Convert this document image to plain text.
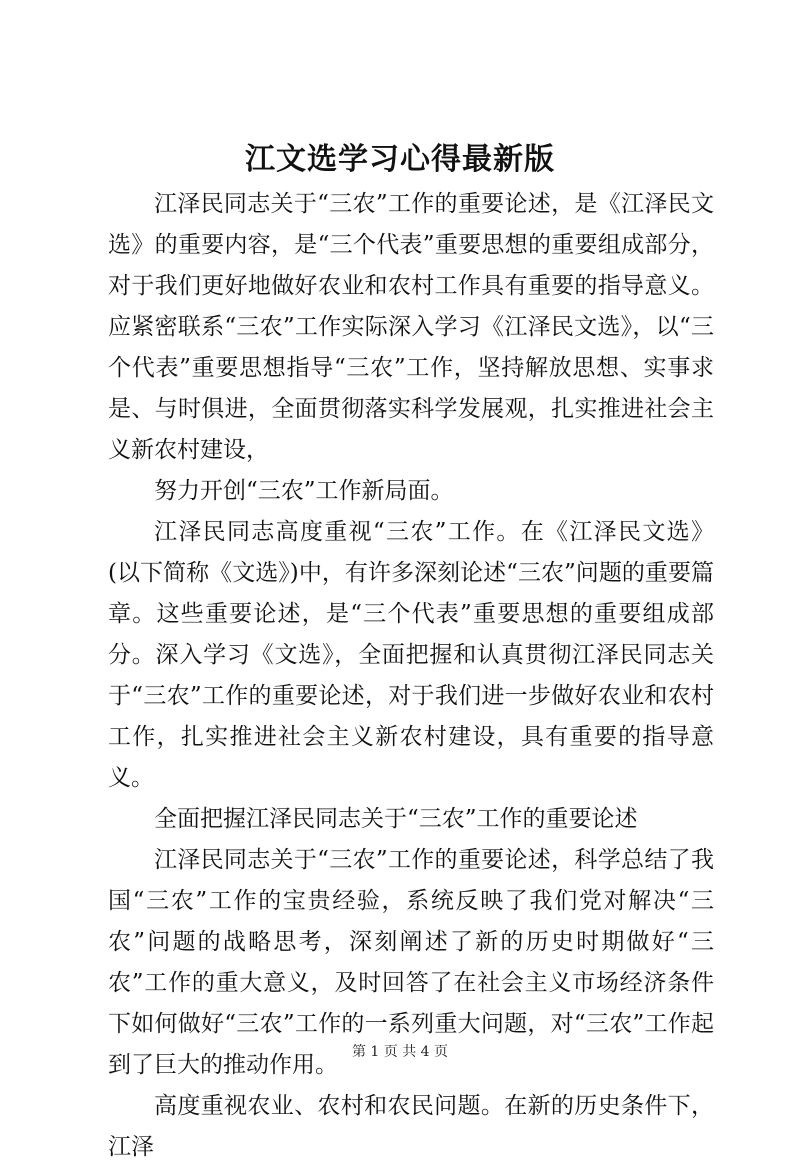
江文选学习心得最新版

江泽民同志关于“三农”工作的重要论述，是《江泽民文选》的重要内容，是“三个代表”重要思想的重要组成部分，对于我们更好地做好农业和农村工作具有重要的指导意义。应紧密联系“三农”工作实际深入学习《江泽民文选》，以“三个代表”重要思想指导“三农”工作，坚持解放思想、实事求是、与时俱进，全面贯彻落实科学发展观，扎实推进社会主义新农村建设，

努力开创“三农”工作新局面。

江泽民同志高度重视“三农”工作。在《江泽民文选》(以下简称《文选》)中，有许多深刻论述“三农”问题的重要篇章。这些重要论述，是“三个代表”重要思想的重要组成部分。深入学习《文选》，全面把握和认真贯彻江泽民同志关于“三农”工作的重要论述，对于我们进一步做好农业和农村工作，扎实推进社会主义新农村建设，具有重要的指导意义。

全面把握江泽民同志关于“三农”工作的重要论述

江泽民同志关于“三农”工作的重要论述，科学总结了我国“三农”工作的宝贵经验，系统反映了我们党对解决“三农”问题的战略思考，深刻阐述了新的历史时期做好“三农”工作的重大意义，及时回答了在社会主义市场经济条件下如何做好“三农”工作的一系列重大问题，对“三农”工作起到了巨大的推动作用。

高度重视农业、农村和农民问题。在新的历史条件下，江泽

第 1 页 共 4 页
